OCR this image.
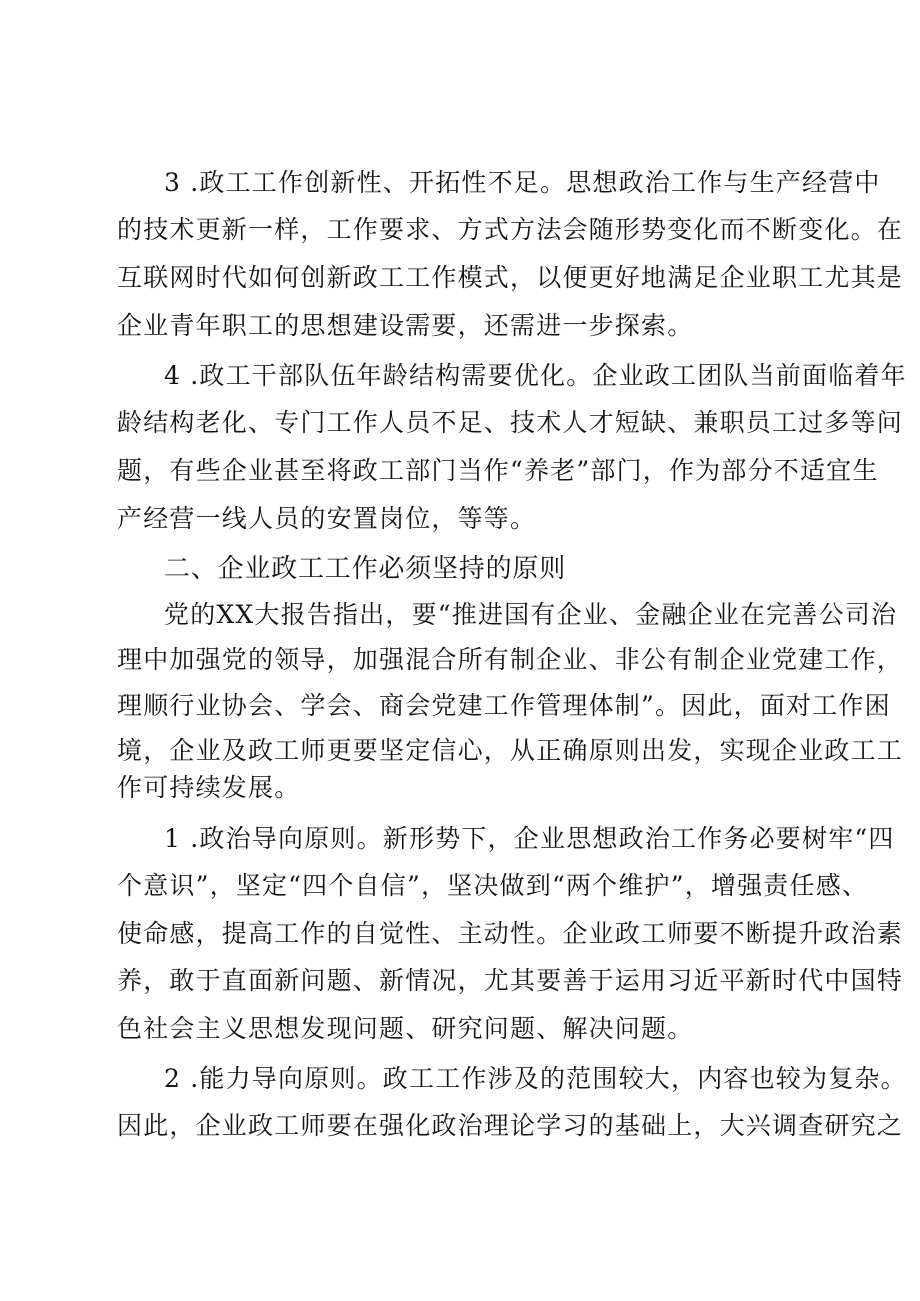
3 .政工工作创新性、开拓性不足。思想政治工作与生产经营中
的技术更新一样，工作要求、方式方法会随形势变化而不断变化。在
互联网时代如何创新政工工作模式，以便更好地满足企业职工尤其是
企业青年职工的思想建设需要，还需进一步探索。
4 .政工干部队伍年龄结构需要优化。企业政工团队当前面临着年
龄结构老化、专门工作人员不足、技术人才短缺、兼职员工过多等问
题，有些企业甚至将政工部门当作“养老”部门，作为部分不适宜生
产经营一线人员的安置岗位，等等。
二、企业政工工作必须坚持的原则
党的XX大报告指出，要“推进国有企业、金融企业在完善公司治
理中加强党的领导，加强混合所有制企业、非公有制企业党建工作，
理顺行业协会、学会、商会党建工作管理体制”。因此，面对工作困
境，企业及政工师更要坚定信心，从正确原则出发，实现企业政工工
作可持续发展。
1 .政治导向原则。新形势下，企业思想政治工作务必要树牢“四
个意识”，坚定“四个自信”，坚决做到“两个维护”，增强责任感、
使命感，提高工作的自觉性、主动性。企业政工师要不断提升政治素
养，敢于直面新问题、新情况，尤其要善于运用习近平新时代中国特
色社会主义思想发现问题、研究问题、解决问题。
2 .能力导向原则。政工工作涉及的范围较大，内容也较为复杂。
因此，企业政工师要在强化政治理论学习的基础上，大兴调查研究之
